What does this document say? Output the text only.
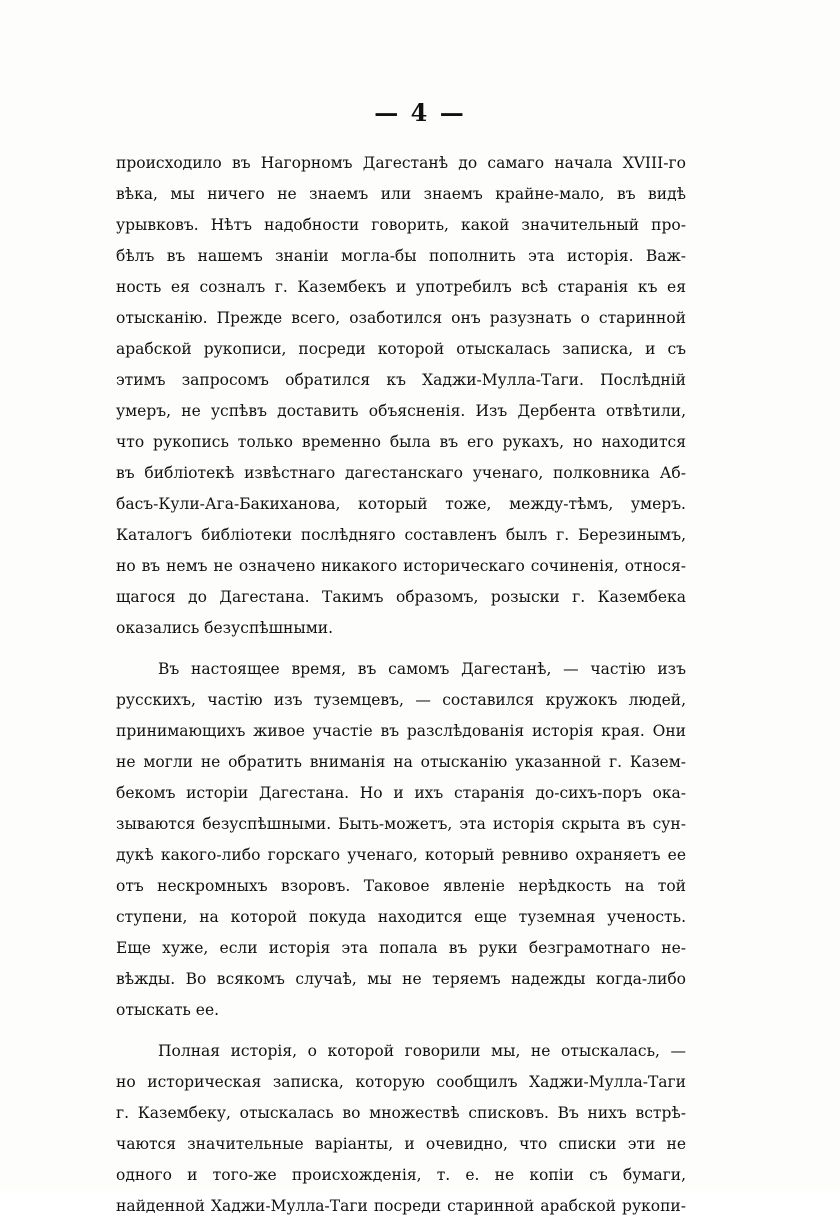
— 4 —
происходило въ Нагорномъ Дагестанѣ до самаго начала XVIII-го
вѣка, мы ничего не знаемъ или знаемъ крайне-мало, въ видѣ
урывковъ. Нѣтъ надобности говорить, какой значительный про-
бѣлъ въ нашемъ знаніи могла-бы пополнить эта исторія. Важ-
ность ея созналъ г. Казембекъ и употребилъ всѣ старанія къ ея
отысканію. Прежде всего, озаботился онъ разузнать о старинной
арабской рукописи, посреди которой отыскалась записка, и съ
этимъ запросомъ обратился къ Хаджи-Мулла-Таги. Послѣдній
умеръ, не успѣвъ доставить объясненія. Изъ Дербента отвѣтили,
что рукопись только временно была въ его рукахъ, но находится
въ библіотекѣ извѣстнаго дагестанскаго ученаго, полковника Аб-
басъ-Кули-Ага-Бакиханова, который тоже, между-тѣмъ, умеръ.
Каталогъ библіотеки послѣдняго составленъ былъ г. Березинымъ,
но въ немъ не означено никакого историческаго сочиненія, относя-
щагося до Дагестана. Такимъ образомъ, розыски г. Казембека
оказались безуспѣшными.
Въ настоящее время, въ самомъ Дагестанѣ, — частію изъ
русскихъ, частію изъ туземцевъ, — составился кружокъ людей,
принимающихъ живое участіе въ разслѣдованія исторія края. Они
не могли не обратить вниманія на отысканію указанной г. Казем-
бекомъ исторіи Дагестана. Но и ихъ старанія до-сихъ-поръ ока-
зываются безуспѣшными. Быть-можетъ, эта исторія скрыта въ сун-
дукѣ какого-либо горскаго ученаго, который ревниво охраняетъ ее
отъ нескромныхъ взоровъ. Таковое явленіе нерѣдкость на той
ступени, на которой покуда находится еще туземная ученость.
Еще хуже, если исторія эта попала въ руки безграмотнаго не-
вѣжды. Во всякомъ случаѣ, мы не теряемъ надежды когда-либо
отыскать ее.
Полная исторія, о которой говорили мы, не отыскалась, —
но историческая записка, которую сообщилъ Хаджи-Мулла-Таги
г. Казембеку, отыскалась во множествѣ списковъ. Въ нихъ встрѣ-
чаются значительные варіанты, и очевидно, что списки эти не
одного и того-же происхожденія, т. е. не копіи съ бумаги,
найденной Хаджи-Мулла-Таги посреди старинной арабской рукопи-
